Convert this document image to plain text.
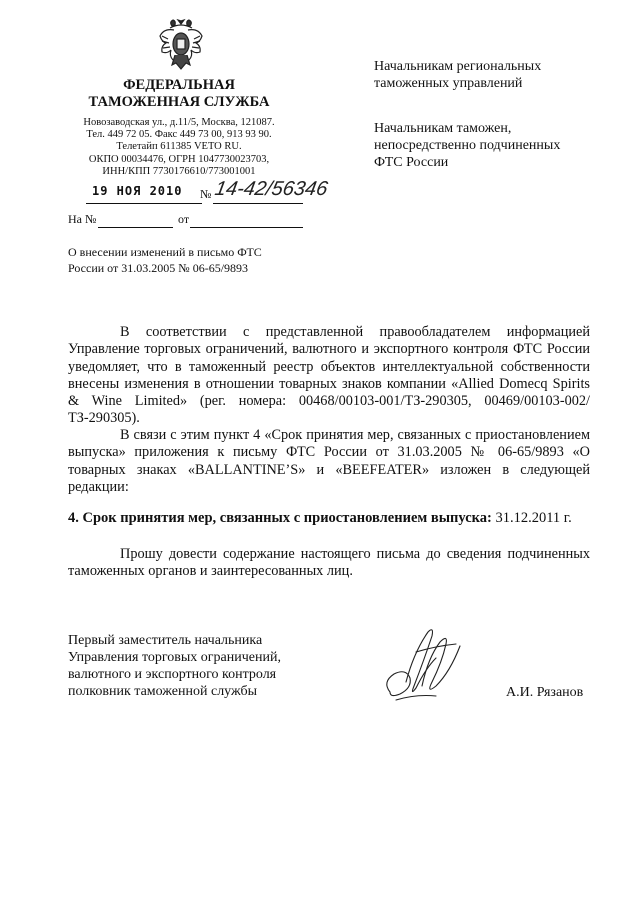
ФЕДЕРАЛЬНАЯ
ТАМОЖЕННАЯ СЛУЖБА
Новозаводская ул., д.11/5, Москва, 121087.
Тел. 449 72 05. Факс 449 73 00, 913 93 90.
Телетайп 611385 VETO RU.
ОКПО 00034476, ОГРН 1047730023703,
ИНН/КПП 7730176610/773001001
Начальникам региональных
таможенных управлений
Начальникам таможен,
непосредственно подчиненных
ФТС России
19 НОЯ 2010 № 14-42/56346
На №	от
О внесении изменений в письмо ФТС
России от 31.03.2005 № 06-65/9893
В соответствии с представленной правообладателем информацией Управление торговых ограничений, валютного и экспортного контроля ФТС России уведомляет, что в таможенный реестр объектов интеллектуальной собственности внесены изменения в отношении товарных знаков компании «Allied Domecq Spirits & Wine Limited» (рег. номера: 00468/00103-001/ТЗ-290305, 00469/00103-002/ТЗ-290305).
В связи с этим пункт 4 «Срок принятия мер, связанных с приостановлением выпуска» приложения к письму ФТС России от 31.03.2005 № 06-65/9893 «О товарных знаках «BALLANTINE’S» и «BEEFEATER» изложен в следующей редакции:
4. Срок принятия мер, связанных с приостановлением выпуска: 31.12.2011 г.
Прошу довести содержание настоящего письма до сведения подчиненных таможенных органов и заинтересованных лиц.
Первый заместитель начальника
Управления торговых ограничений,
валютного и экспортного контроля
полковник таможенной службы	А.И. Рязанов
